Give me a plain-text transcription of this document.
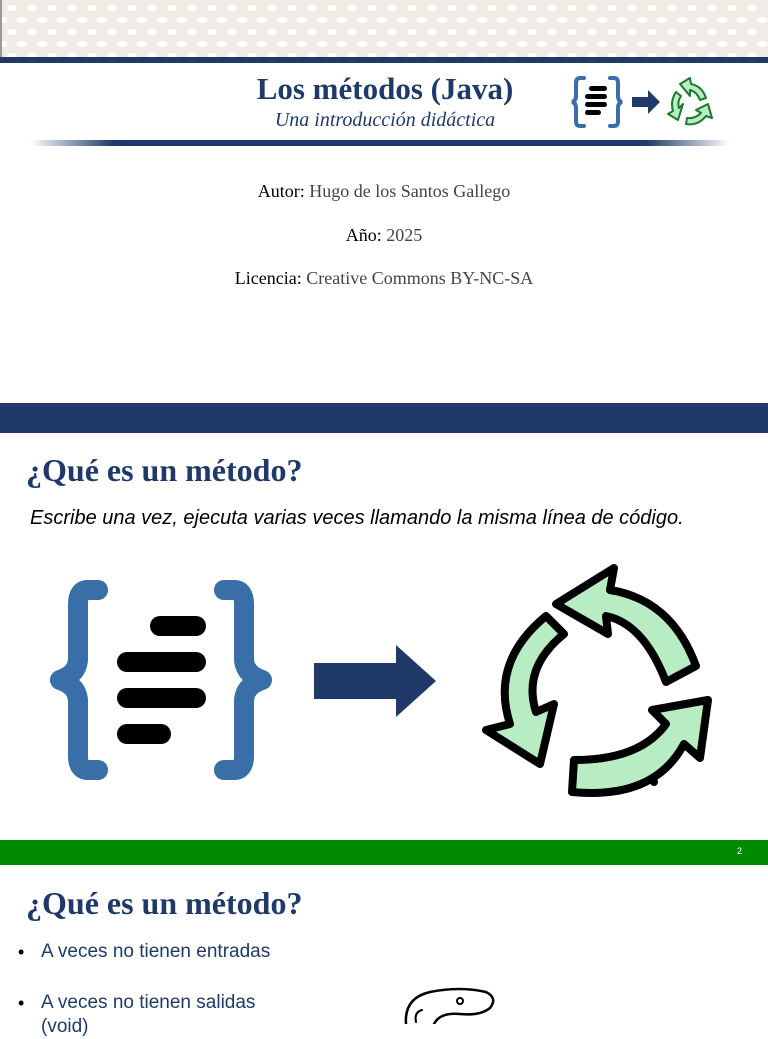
Los métodos (Java)
Una introducción didáctica
Autor: Hugo de los Santos Gallego
Año: 2025
Licencia: Creative Commons BY-NC-SA
¿Qué es un método?
Escribe una vez, ejecuta varias veces llamando la misma línea de código.
2
¿Qué es un método?
• A veces no tienen entradas
• A veces no tienen salidas
(void)
